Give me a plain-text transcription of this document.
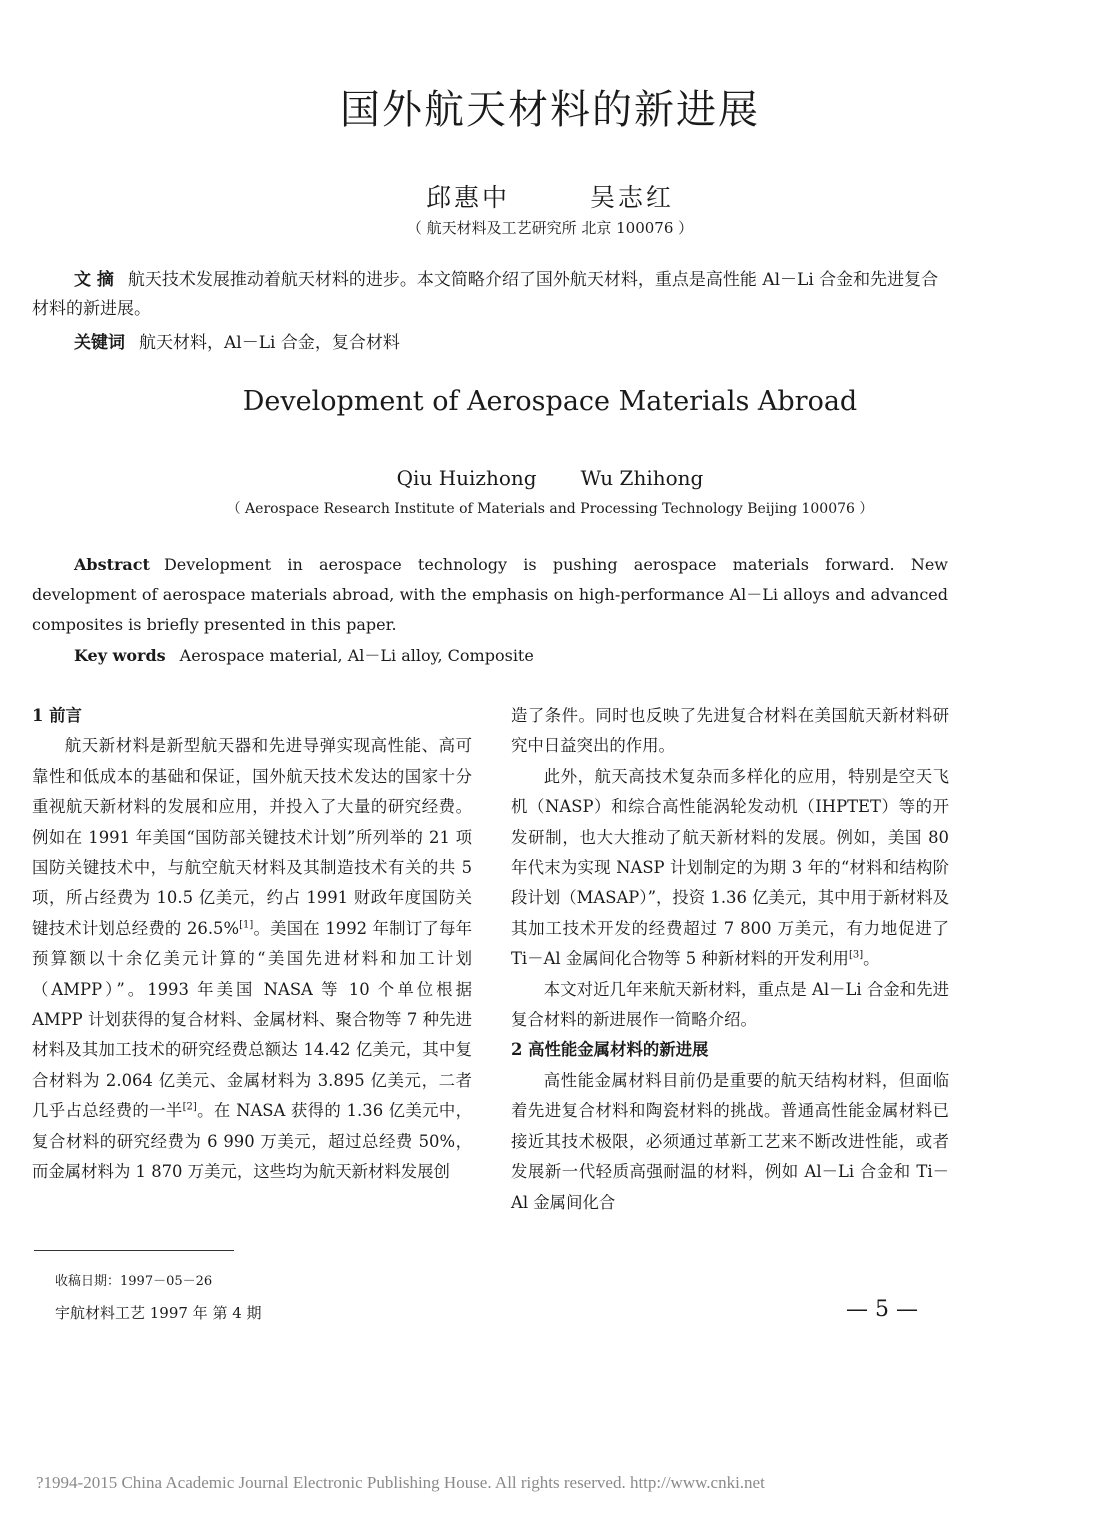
国外航天材料的新进展
邱惠中	吴志红
（ 航天材料及工艺研究所 北京 100076 ）
文 摘 航天技术发展推动着航天材料的进步。本文简略介绍了国外航天材料，重点是高性能 Al－Li 合金和先进复合材料的新进展。
关键词 航天材料，Al－Li 合金，复合材料
Development of Aerospace Materials Abroad
Qiu Huizhong Wu Zhihong
（ Aerospace Research Institute of Materials and Processing Technology Beijing 100076 ）
Abstract Development in aerospace technology is pushing aerospace materials forward. New development of aerospace materials abroad, with the emphasis on high-performance Al－Li alloys and advanced composites is briefly presented in this paper.
Key words Aerospace material, Al－Li alloy, Composite

1 前言

航天新材料是新型航天器和先进导弹实现高性能、高可靠性和低成本的基础和保证，国外航天技术发达的国家十分重视航天新材料的发展和应用，并投入了大量的研究经费。例如在 1991 年美国“国防部关键技术计划”所列举的 21 项国防关键技术中，与航空航天材料及其制造技术有关的共 5 项，所占经费为 10.5 亿美元，约占 1991 财政年度国防关键技术计划总经费的 26.5%[1]。美国在 1992 年制订了每年预算额以十余亿美元计算的“美国先进材料和加工计划（AMPP）”。1993 年美国 NASA 等 10 个单位根据 AMPP 计划获得的复合材料、金属材料、聚合物等 7 种先进材料及其加工技术的研究经费总额达 14.42 亿美元，其中复合材料为 2.064 亿美元、金属材料为 3.895 亿美元，二者几乎占总经费的一半[2]。在 NASA 获得的 1.36 亿美元中，复合材料的研究经费为 6 990 万美元，超过总经费 50%，而金属材料为 1 870 万美元，这些均为航天新材料发展创

造了条件。同时也反映了先进复合材料在美国航天新材料研究中日益突出的作用。

此外，航天高技术复杂而多样化的应用，特别是空天飞机（NASP）和综合高性能涡轮发动机（IHPTET）等的开发研制，也大大推动了航天新材料的发展。例如，美国 80 年代末为实现 NASP 计划制定的为期 3 年的“材料和结构阶段计划（MASAP）”，投资 1.36 亿美元，其中用于新材料及其加工技术开发的经费超过 7 800 万美元，有力地促进了 Ti－Al 金属间化合物等 5 种新材料的开发利用[3]。

本文对近几年来航天新材料，重点是 Al－Li 合金和先进复合材料的新进展作一简略介绍。

2 高性能金属材料的新进展

高性能金属材料目前仍是重要的航天结构材料，但面临着先进复合材料和陶瓷材料的挑战。普通高性能金属材料已接近其技术极限，必须通过革新工艺来不断改进性能，或者发展新一代轻质高强耐温的材料，例如 Al－Li 合金和 Ti－Al 金属间化合

收稿日期：1997－05－26
宇航材料工艺 1997 年 第 4 期	— 5 —
?1994-2015 China Academic Journal Electronic Publishing House. All rights reserved. http://www.cnki.net
